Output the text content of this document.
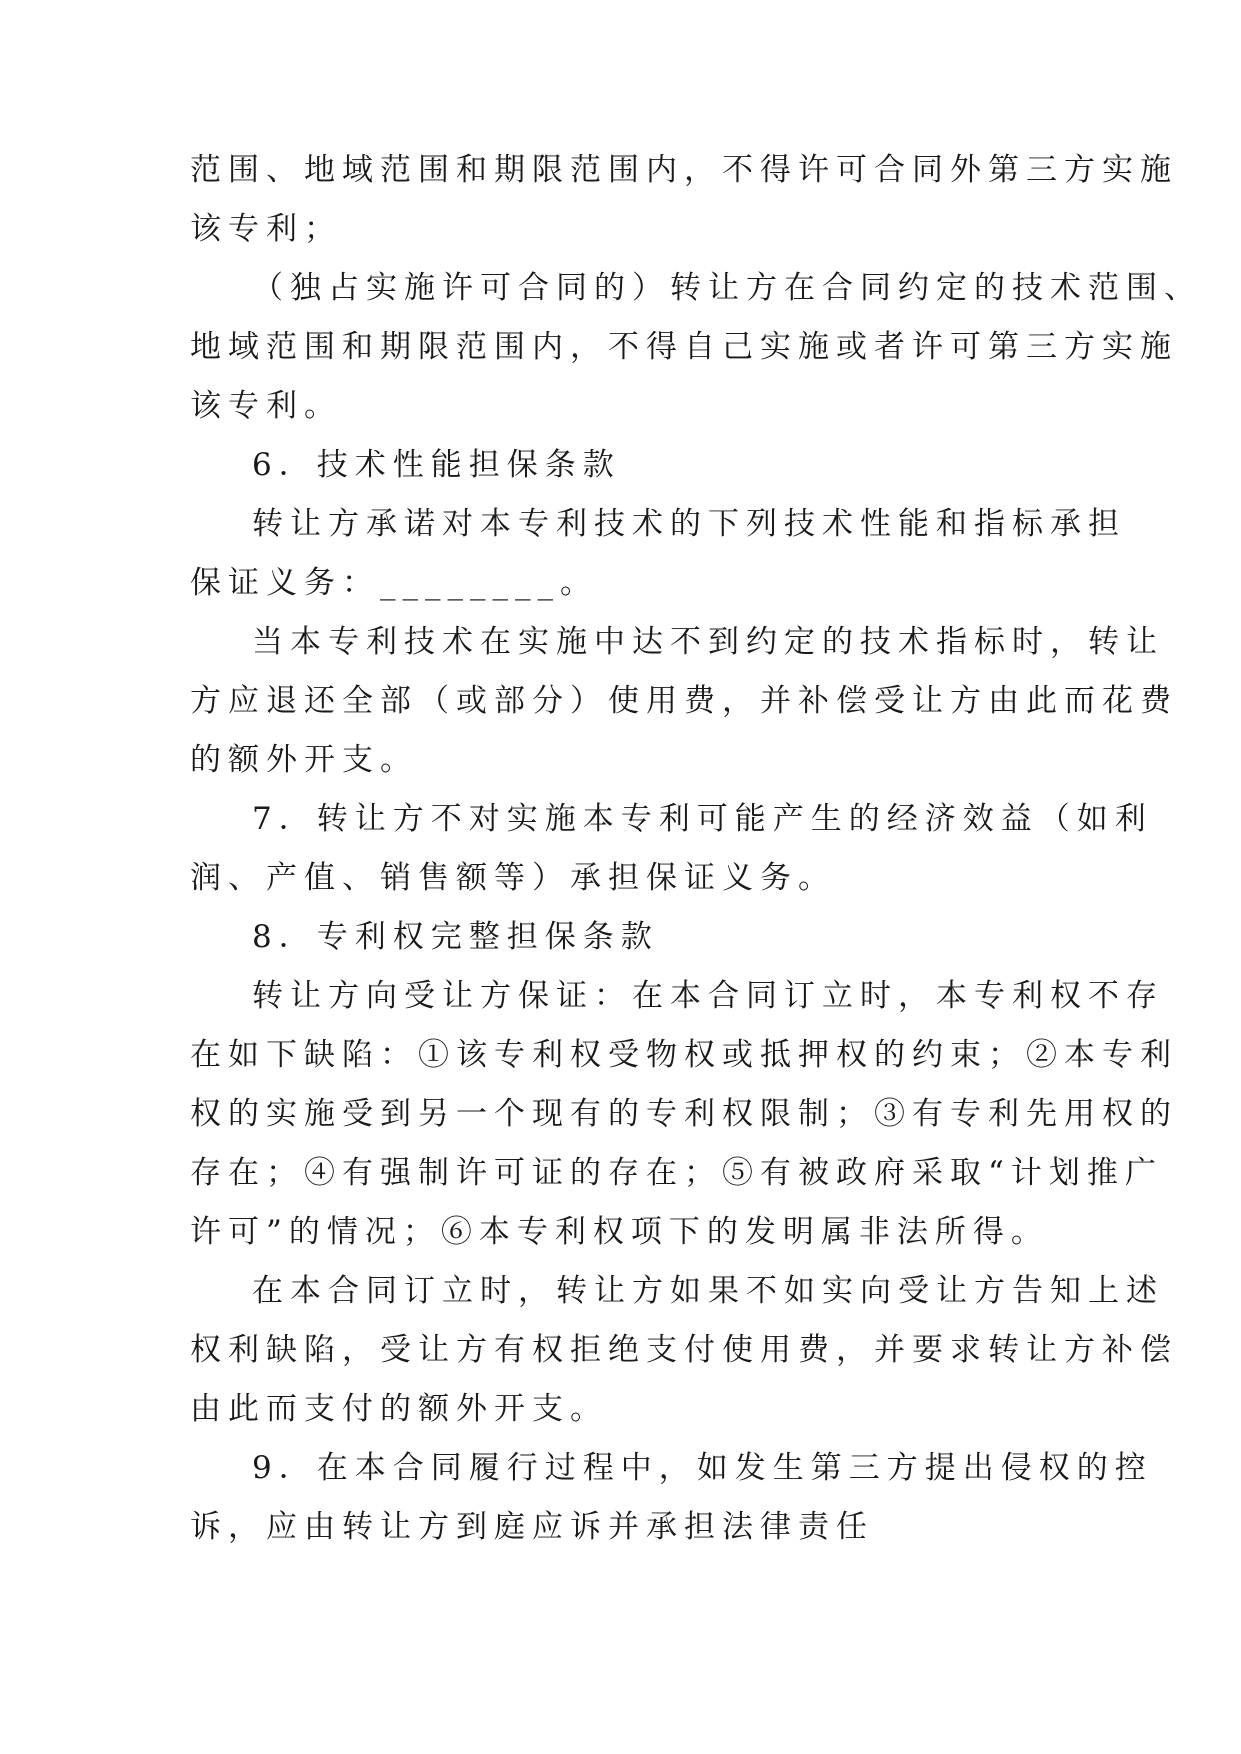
范围、地域范围和期限范围内，不得许可合同外第三方实施
该专利；
（独占实施许可合同的）转让方在合同约定的技术范围、
地域范围和期限范围内，不得自己实施或者许可第三方实施
该专利。
6．技术性能担保条款
转让方承诺对本专利技术的下列技术性能和指标承担
保证义务：________。
当本专利技术在实施中达不到约定的技术指标时，转让
方应退还全部（或部分）使用费，并补偿受让方由此而花费
的额外开支。
7．转让方不对实施本专利可能产生的经济效益（如利
润、产值、销售额等）承担保证义务。
8．专利权完整担保条款
转让方向受让方保证：在本合同订立时，本专利权不存
在如下缺陷：①该专利权受物权或抵押权的约束；②本专利
权的实施受到另一个现有的专利权限制；③有专利先用权的
存在；④有强制许可证的存在；⑤有被政府采取“计划推广
许可”的情况；⑥本专利权项下的发明属非法所得。
在本合同订立时，转让方如果不如实向受让方告知上述
权利缺陷，受让方有权拒绝支付使用费，并要求转让方补偿
由此而支付的额外开支。
9．在本合同履行过程中，如发生第三方提出侵权的控
诉，应由转让方到庭应诉并承担法律责任
